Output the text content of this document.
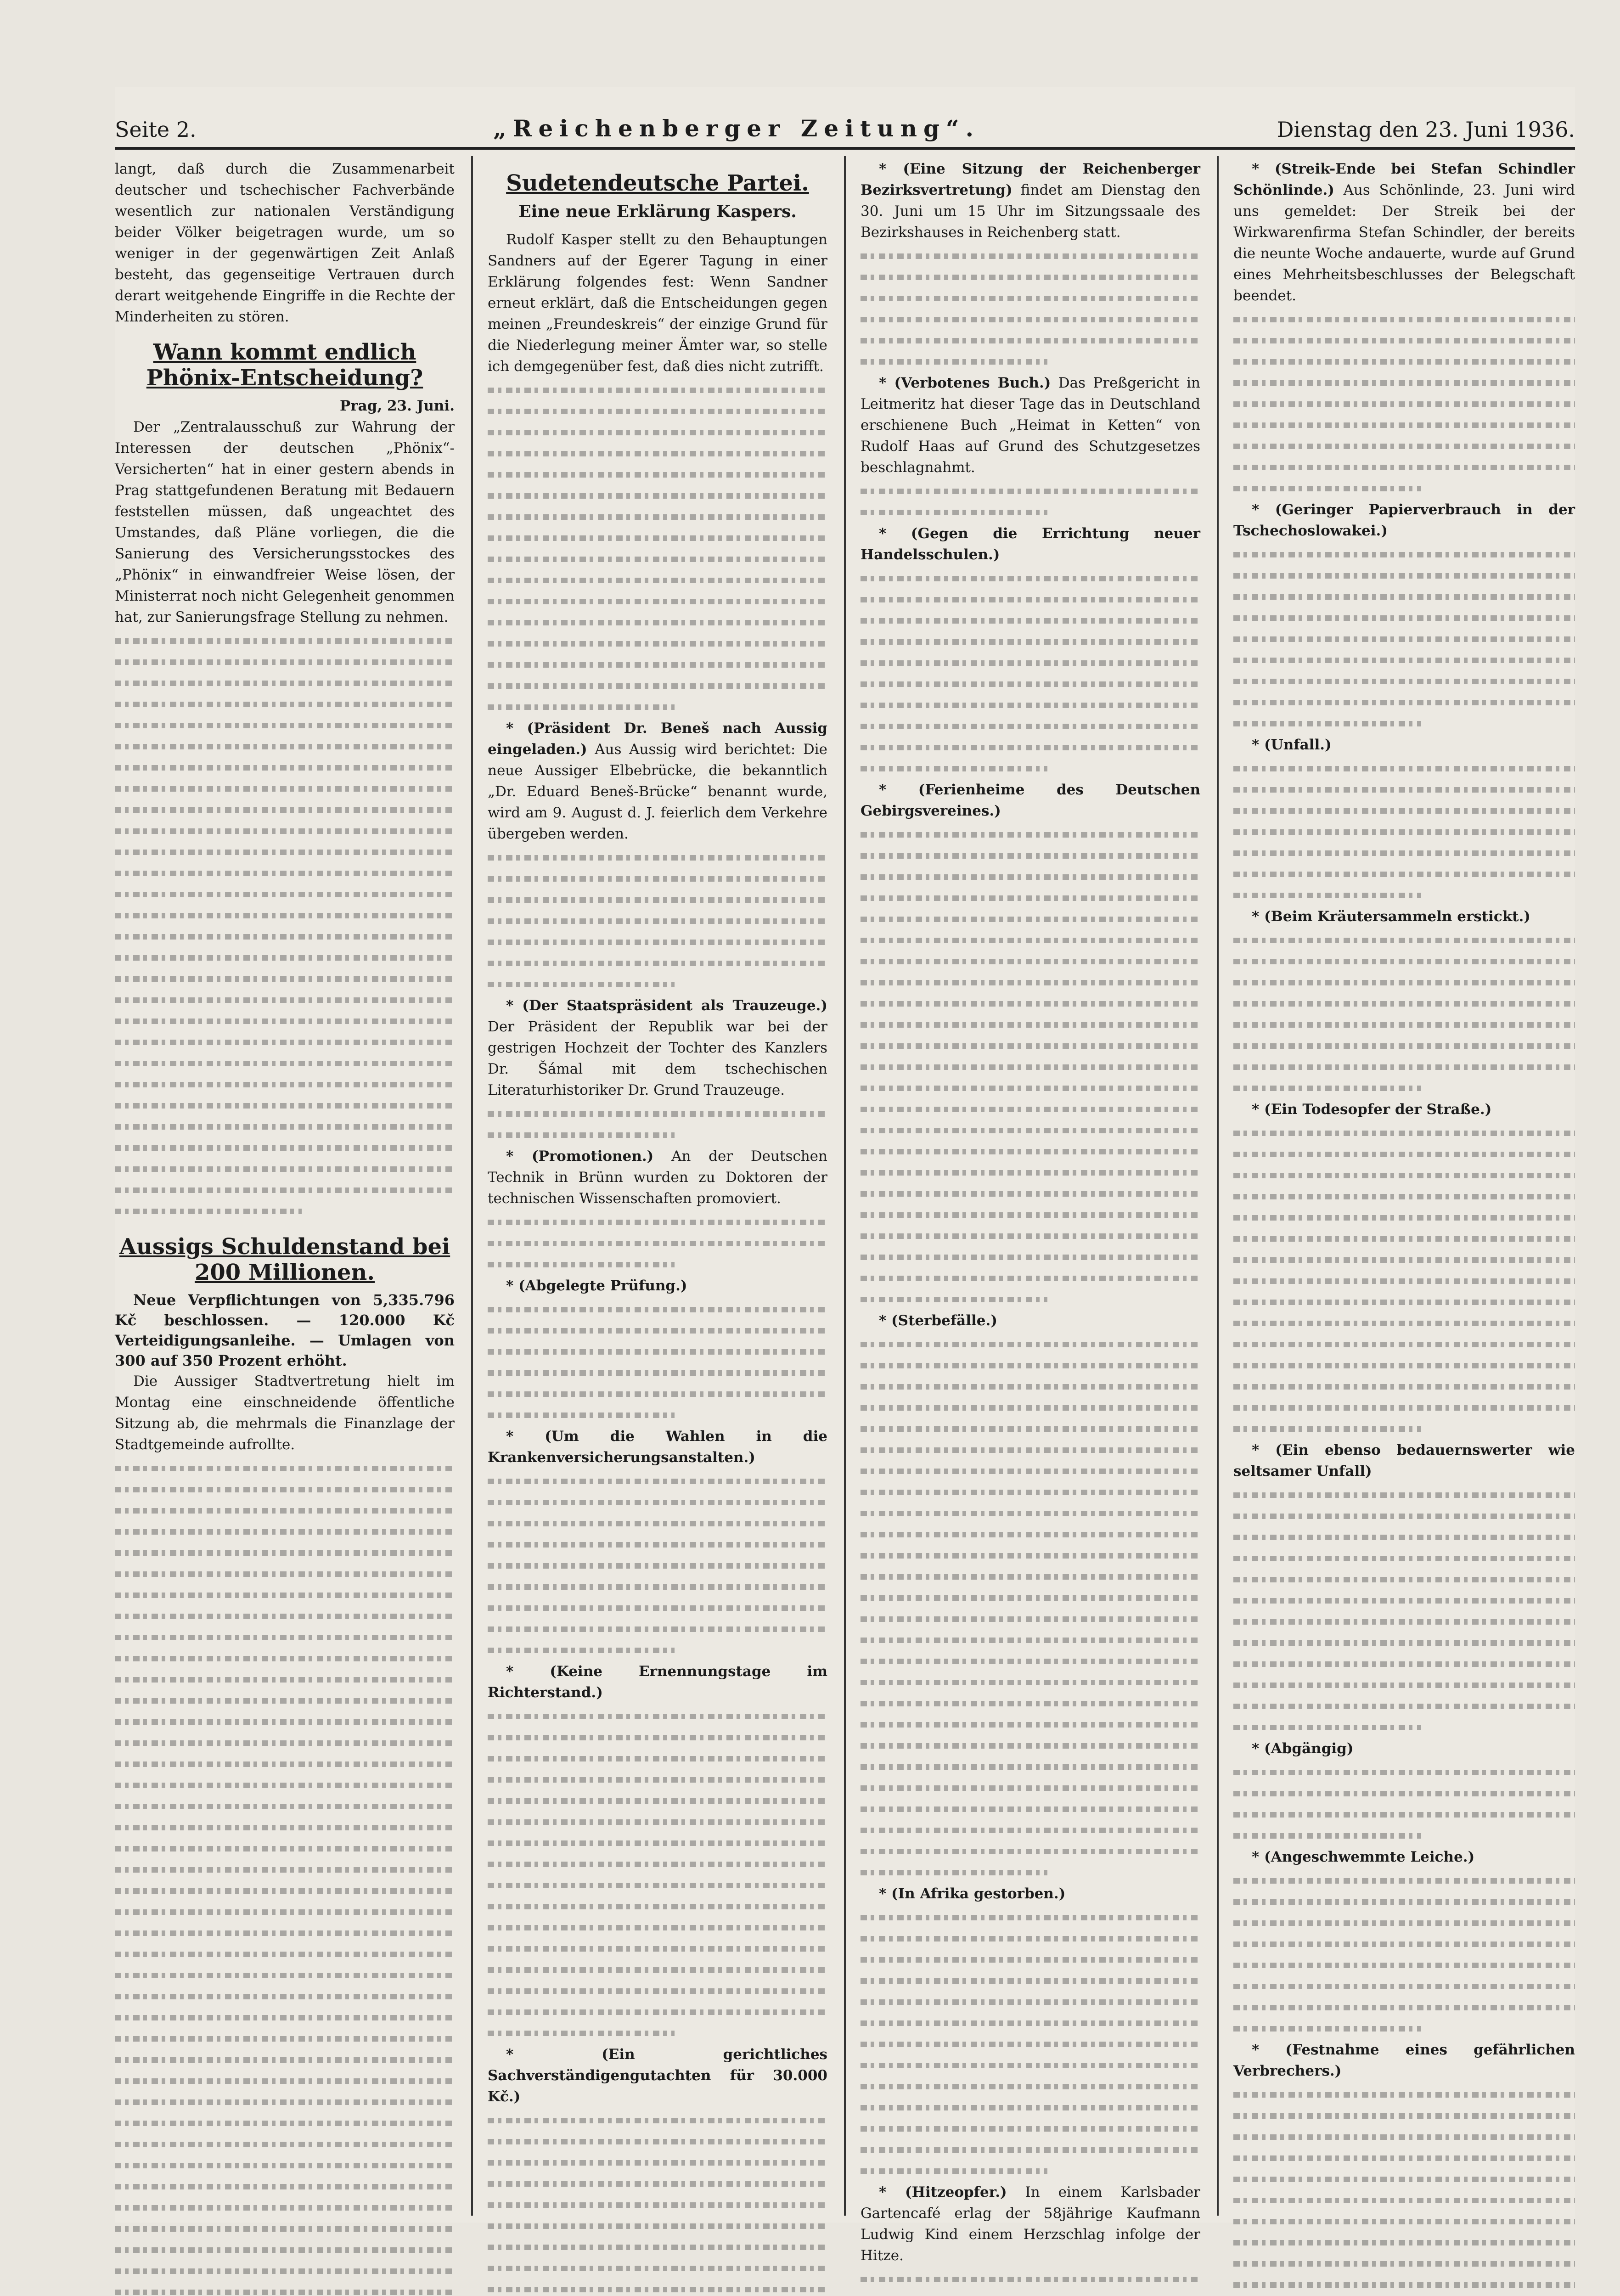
Seite 2.	„Reichenberger Zeitung“.	Dienstag den 23. Juni 1936.

langt, daß durch die Zusammenarbeit deutscher und tschechischer Fachverbände wesentlich zur nationalen Verständigung beider Völker beigetragen wurde, um so weniger in der gegenwärtigen Zeit Anlaß besteht, das gegenseitige Vertrauen durch derart weitgehende Eingriffe in die Rechte der Minderheiten zu stören.

Wann kommt endlich Phönix-Entscheidung?

Prag, 23. Juni.

Der „Zentralausschuß zur Wahrung der Interessen der deutschen „Phönix“-Versicherten“ hat in einer gestern abends in Prag stattgefundenen Beratung mit Bedauern feststellen müssen, daß ungeachtet des Umstandes, daß Pläne vorliegen, die die Sanierung des Versicherungsstockes des „Phönix“ in einwandfreier Weise lösen, der Ministerrat noch nicht Gelegenheit genommen hat, zur Sanierungsfrage Stellung zu nehmen.

Aussigs Schuldenstand bei 200 Millionen.

Neue Verpflichtungen von 5,335.796 Kč beschlossen. — 120.000 Kč Verteidigungsanleihe. — Umlagen von 300 auf 350 Prozent erhöht.

Die Aussiger Stadtvertretung hielt im Montag eine einschneidende öffentliche Sitzung ab, die mehrmals die Finanzlage der Stadtgemeinde aufrollte.

Sudetendeutsche Partei.
Eine neue Erklärung Kaspers.

Rudolf Kasper stellt zu den Behauptungen Sandners auf der Egerer Tagung in einer Erklärung folgendes fest: Wenn Sandner erneut erklärt, daß die Entscheidungen gegen meinen „Freundeskreis“ der einzige Grund für die Niederlegung meiner Ämter war, so stelle ich demgegenüber fest, daß dies nicht zutrifft.

* (Präsident Dr. Beneš nach Aussig eingeladen.) Aus Aussig wird berichtet: Die neue Aussiger Elbebrücke, die bekanntlich „Dr. Eduard Beneš-Brücke“ benannt wurde, wird am 9. August d. J. feierlich dem Verkehre übergeben werden.

* (Der Staatspräsident als Trauzeuge.) Der Präsident der Republik war bei der gestrigen Hochzeit der Tochter des Kanzlers Dr. Šámal mit dem tschechischen Literaturhistoriker Dr. Grund Trauzeuge.

* (Promotionen.) An der Deutschen Technik in Brünn wurden zu Doktoren der technischen Wissenschaften promoviert.

* (Abgelegte Prüfung.)

* (Um die Wahlen in die Krankenversicherungsanstalten.)

* (Keine Ernennungstage im Richterstand.)

* (Ein gerichtliches Sachverständigengutachten für 30.000 Kč.)

* (Eine Sitzung der Reichenberger Bezirksvertretung) findet am Dienstag den 30. Juni um 15 Uhr im Sitzungssaale des Bezirkshauses in Reichenberg statt.

* (Verbotenes Buch.) Das Preßgericht in Leitmeritz hat dieser Tage das in Deutschland erschienene Buch „Heimat in Ketten“ von Rudolf Haas auf Grund des Schutzgesetzes beschlagnahmt.

* (Gegen die Errichtung neuer Handelsschulen.)

* (Ferienheime des Deutschen Gebirgsvereines.)

* (Sterbefälle.)

* (In Afrika gestorben.)

* (Hitzeopfer.) In einem Karlsbader Gartencafé erlag der 58jährige Kaufmann Ludwig Kind einem Herzschlag infolge der Hitze.

* (Streik-Ende bei Stefan Schindler Schönlinde.) Aus Schönlinde, 23. Juni wird uns gemeldet: Der Streik bei der Wirkwarenfirma Stefan Schindler, der bereits die neunte Woche andauerte, wurde auf Grund eines Mehrheitsbeschlusses der Belegschaft beendet.

* (Geringer Papierverbrauch in der Tschechoslowakei.)

* (Unfall.)

* (Beim Kräutersammeln erstickt.)

* (Ein Todesopfer der Straße.)

* (Ein ebenso bedauernswerter wie seltsamer Unfall)

* (Abgängig)

* (Angeschwemmte Leiche.)

* (Festnahme eines gefährlichen Verbrechers.)
